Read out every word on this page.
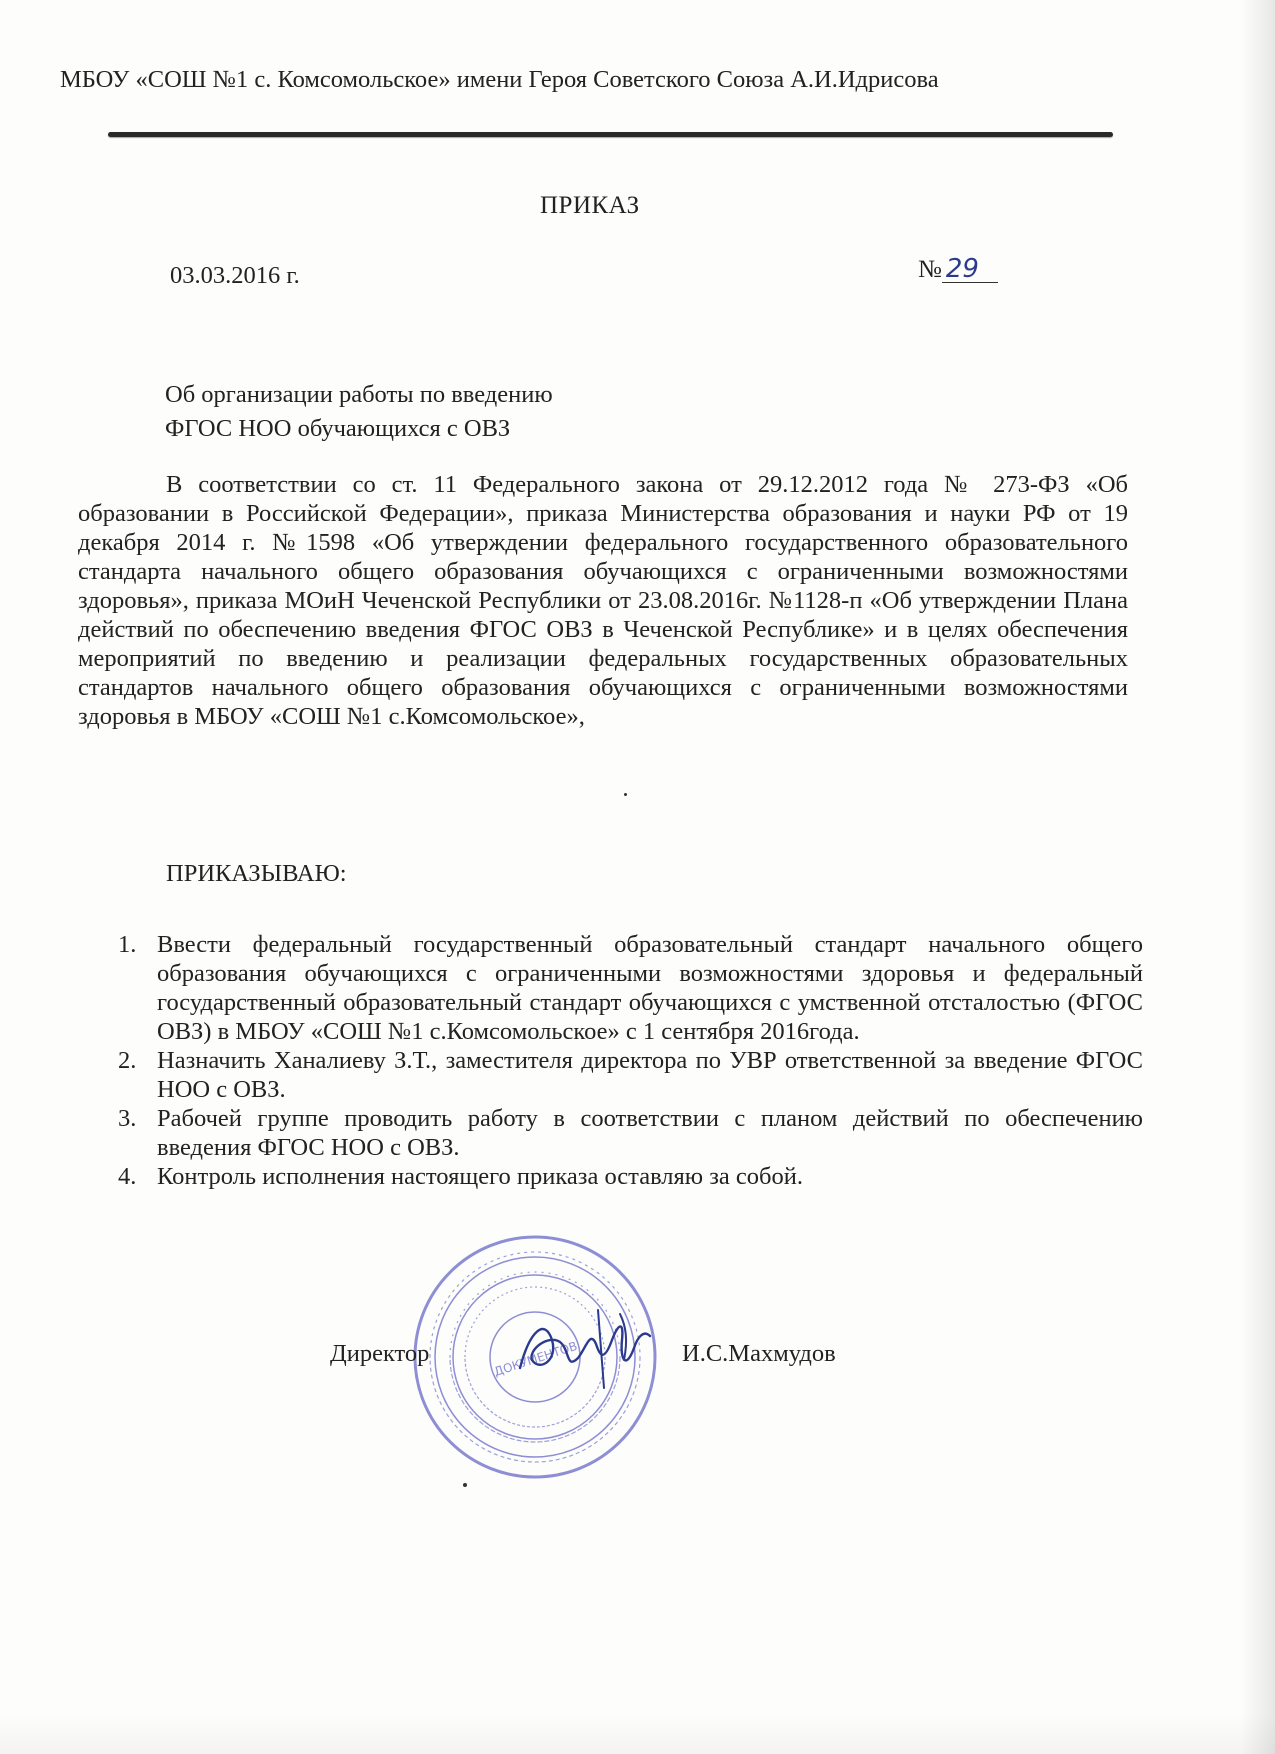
МБОУ «СОШ №1 с. Комсомольское» имени Героя Советского Союза А.И.Идрисова
ПРИКАЗ
03.03.2016 г.	№ 29
Об организации работы по введению
ФГОС НОО обучающихся с ОВЗ

В соответствии со ст. 11 Федерального закона от 29.12.2012 года № 273-ФЗ «Об образовании в Российской Федерации», приказа Министерства образования и науки РФ от 19 декабря 2014 г. №1598 «Об утверждении федерального государственного образовательного стандарта начального общего образования обучающихся с ограниченными возможностями здоровья», приказа МОиН Чеченской Республики от 23.08.2016г. №1128-п «Об утверждении Плана действий по обеспечению введения ФГОС ОВЗ в Чеченской Республике» и в целях обеспечения мероприятий по введению и реализации федеральных государственных образовательных стандартов начального общего образования обучающихся с ограниченными возможностями здоровья в МБОУ «СОШ №1 с.Комсомольское»,

ПРИКАЗЫВАЮ:
1. Ввести федеральный государственный образовательный стандарт начального общего образования обучающихся с ограниченными возможностями здоровья и федеральный государственный образовательный стандарт обучающихся с умственной отсталостью (ФГОС ОВЗ) в МБОУ «СОШ №1 с.Комсомольское» с 1 сентября 2016года.
2. Назначить Ханалиеву З.Т., заместителя директора по УВР ответственной за введение ФГОС НОО с ОВЗ.
3. Рабочей группе проводить работу в соответствии с планом действий по обеспечению введения ФГОС НОО с ОВЗ.
4. Контроль исполнения настоящего приказа оставляю за собой.
ДОКУМЕНТОВ
Директор	И.С.Махмудов
